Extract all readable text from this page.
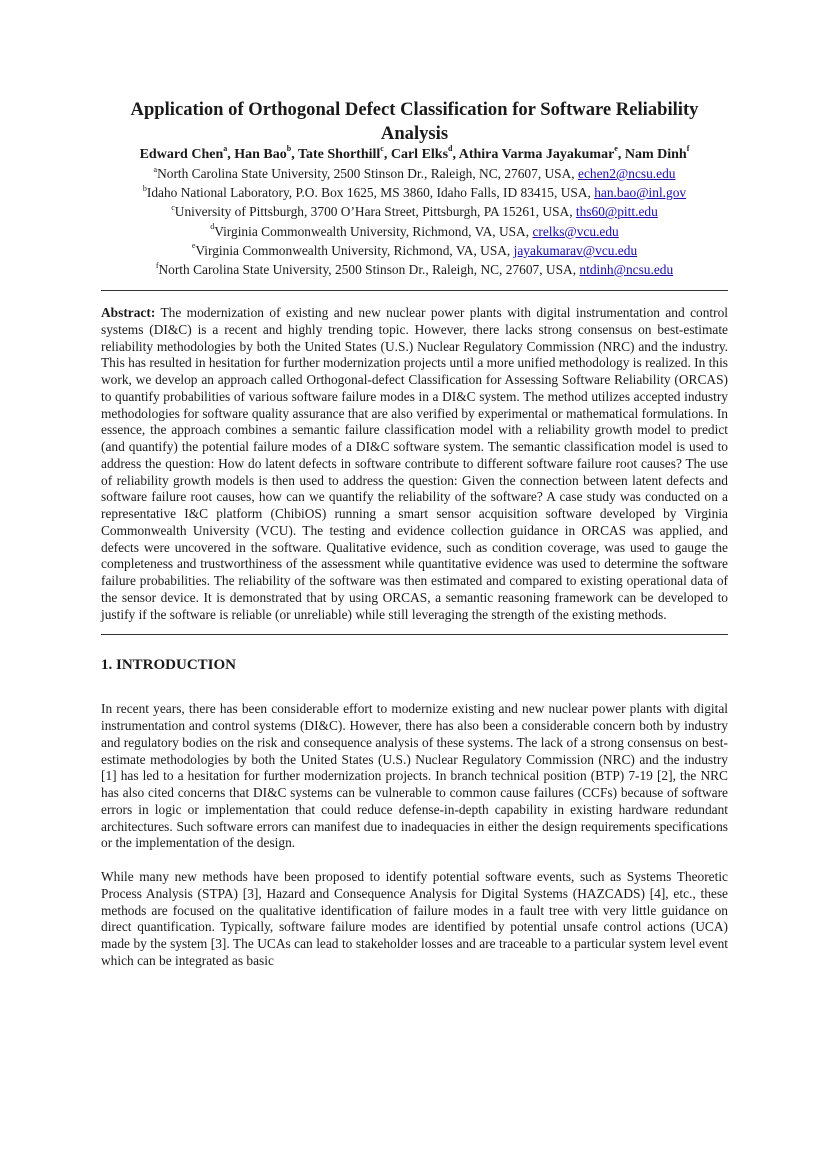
Application of Orthogonal Defect Classification for Software Reliability Analysis
Edward Chen$^a$, Han Bao$^b$, Tate Shorthill$^c$, Carl Elks$^d$, Athira Varma Jayakumar$^e$, Nam Dinh$^f$
$^a$North Carolina State University, 2500 Stinson Dr., Raleigh, NC, 27607, USA, echen2@ncsu.edu
$^b$Idaho National Laboratory, P.O. Box 1625, MS 3860, Idaho Falls, ID 83415, USA, han.bao@inl.gov
$^c$University of Pittsburgh, 3700 O’Hara Street, Pittsburgh, PA 15261, USA, ths60@pitt.edu
$^d$Virginia Commonwealth University, Richmond, VA, USA, crelks@vcu.edu
$^e$Virginia Commonwealth University, Richmond, VA, USA, jayakumarav@vcu.edu
$^f$North Carolina State University, 2500 Stinson Dr., Raleigh, NC, 27607, USA, ntdinh@ncsu.edu
Abstract: The modernization of existing and new nuclear power plants with digital instrumentation and control systems (DI&C) is a recent and highly trending topic. However, there lacks strong consensus on best-estimate reliability methodologies by both the United States (U.S.) Nuclear Regulatory Commission (NRC) and the industry. This has resulted in hesitation for further modernization projects until a more unified methodology is realized. In this work, we develop an approach called Orthogonal-defect Classification for Assessing Software Reliability (ORCAS) to quantify probabilities of various software failure modes in a DI&C system. The method utilizes accepted industry methodologies for software quality assurance that are also verified by experimental or mathematical formulations. In essence, the approach combines a semantic failure classification model with a reliability growth model to predict (and quantify) the potential failure modes of a DI&C software system. The semantic classification model is used to address the question: How do latent defects in software contribute to different software failure root causes? The use of reliability growth models is then used to address the question: Given the connection between latent defects and software failure root causes, how can we quantify the reliability of the software? A case study was conducted on a representative I&C platform (ChibiOS) running a smart sensor acquisition software developed by Virginia Commonwealth University (VCU). The testing and evidence collection guidance in ORCAS was applied, and defects were uncovered in the software. Qualitative evidence, such as condition coverage, was used to gauge the completeness and trustworthiness of the assessment while quantitative evidence was used to determine the software failure probabilities. The reliability of the software was then estimated and compared to existing operational data of the sensor device. It is demonstrated that by using ORCAS, a semantic reasoning framework can be developed to justify if the software is reliable (or unreliable) while still leveraging the strength of the existing methods.
1. INTRODUCTION

In recent years, there has been considerable effort to modernize existing and new nuclear power plants with digital instrumentation and control systems (DI&C). However, there has also been a considerable concern both by industry and regulatory bodies on the risk and consequence analysis of these systems. The lack of a strong consensus on best-estimate methodologies by both the United States (U.S.) Nuclear Regulatory Commission (NRC) and the industry [1] has led to a hesitation for further modernization projects. In branch technical position (BTP) 7-19 [2], the NRC has also cited concerns that DI&C systems can be vulnerable to common cause failures (CCFs) because of software errors in logic or implementation that could reduce defense-in-depth capability in existing hardware redundant architectures. Such software errors can manifest due to inadequacies in either the design requirements specifications or the implementation of the design.

While many new methods have been proposed to identify potential software events, such as Systems Theoretic Process Analysis (STPA) [3], Hazard and Consequence Analysis for Digital Systems (HAZCADS) [4], etc., these methods are focused on the qualitative identification of failure modes in a fault tree with very little guidance on direct quantification. Typically, software failure modes are identified by potential unsafe control actions (UCA) made by the system [3]. The UCAs can lead to stakeholder losses and are traceable to a particular system level event which can be integrated as basic
